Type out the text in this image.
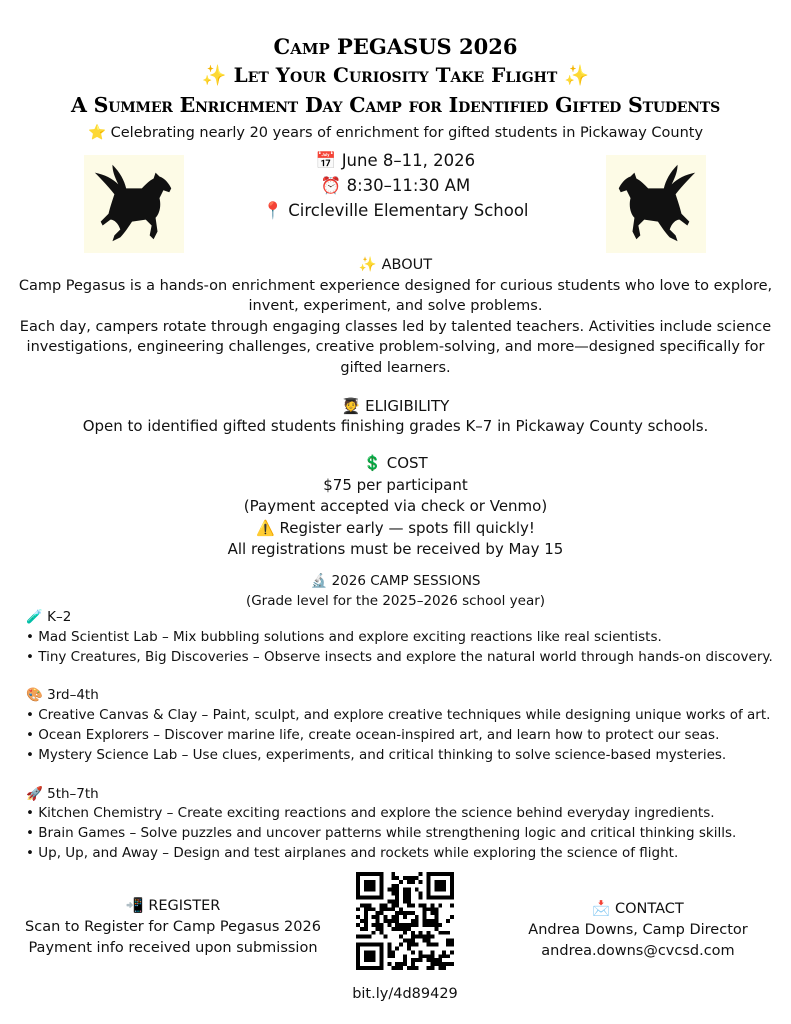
Camp PEGASUS 2026
✨ Let Your Curiosity Take Flight ✨
A Summer Enrichment Day Camp for Identified Gifted Students
⭐ Celebrating nearly 20 years of enrichment for gifted students in Pickaway County
📅 June 8–11, 2026
⏰ 8:30–11:30 AM
📍 Circleville Elementary School
✨ ABOUT
Camp Pegasus is a hands-on enrichment experience designed for curious students who love to explore,
invent, experiment, and solve problems.
Each day, campers rotate through engaging classes led by talented teachers. Activities include science
investigations, engineering challenges, creative problem-solving, and more—designed specifically for
gifted learners.
🧑‍🎓 ELIGIBILITY
Open to identified gifted students finishing grades K–7 in Pickaway County schools.
💲 COST
$75 per participant
(Payment accepted via check or Venmo)
⚠️ Register early — spots fill quickly!
All registrations must be received by May 15
🔬 2026 CAMP SESSIONS
(Grade level for the 2025–2026 school year)
🧪 K–2
• Mad Scientist Lab – Mix bubbling solutions and explore exciting reactions like real scientists.
• Tiny Creatures, Big Discoveries – Observe insects and explore the natural world through hands-on discovery.
🎨 3rd–4th
• Creative Canvas & Clay – Paint, sculpt, and explore creative techniques while designing unique works of art.
• Ocean Explorers – Discover marine life, create ocean-inspired art, and learn how to protect our seas.
• Mystery Science Lab – Use clues, experiments, and critical thinking to solve science-based mysteries.
🚀 5th–7th
• Kitchen Chemistry – Create exciting reactions and explore the science behind everyday ingredients.
• Brain Games – Solve puzzles and uncover patterns while strengthening logic and critical thinking skills.
• Up, Up, and Away – Design and test airplanes and rockets while exploring the science of flight.
📲 REGISTER
Scan to Register for Camp Pegasus 2026
Payment info received upon submission
📩 CONTACT
Andrea Downs, Camp Director
andrea.downs@cvcsd.com
bit.ly/4d89429
